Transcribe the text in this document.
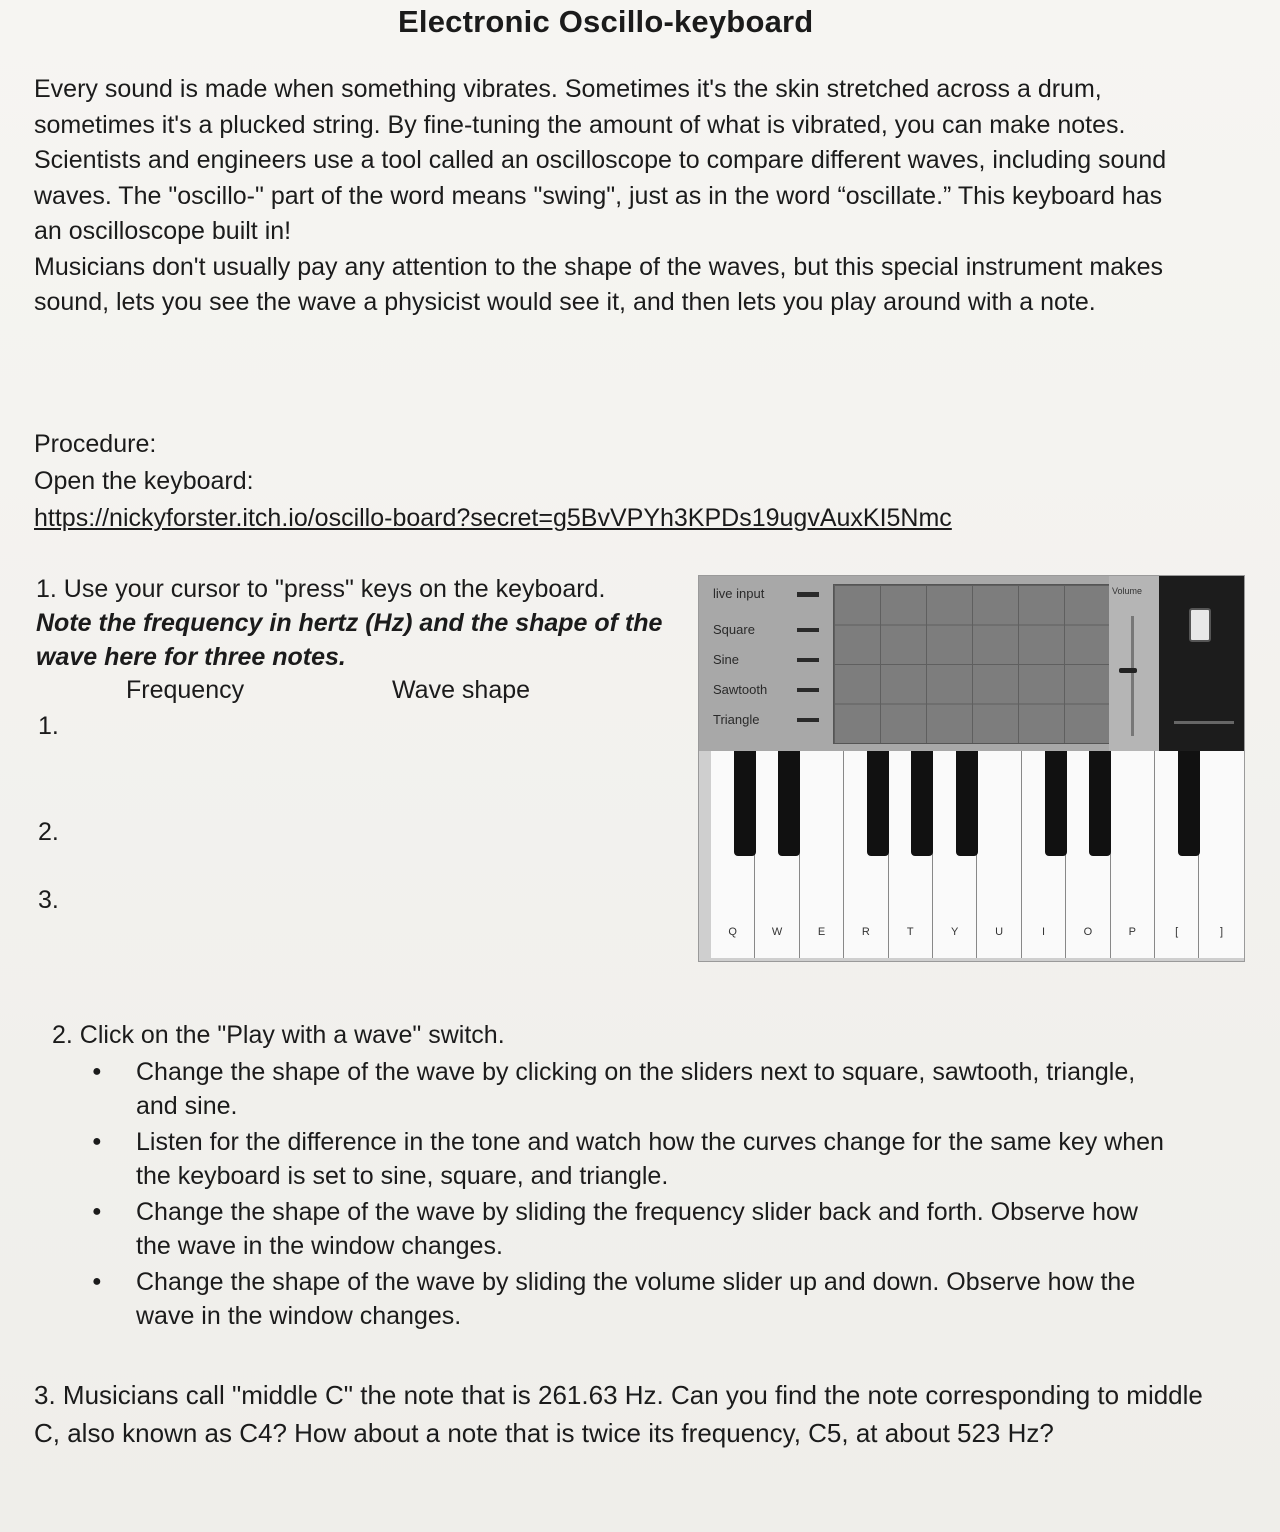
Electronic Oscillo-keyboard

Every sound is made when something vibrates. Sometimes it's the skin stretched across a drum, sometimes it's a plucked string. By fine-tuning the amount of what is vibrated, you can make notes.

Scientists and engineers use a tool called an oscilloscope to compare different waves, including sound waves. The "oscillo-" part of the word means "swing", just as in the word “oscillate.” This keyboard has an oscilloscope built in!

Musicians don't usually pay any attention to the shape of the waves, but this special instrument makes sound, lets you see the wave a physicist would see it, and then lets you play around with a note.

Procedure:

Open the keyboard:

https://nickyforster.itch.io/oscillo-board?secret=g5BvVPYh3KPDs19ugvAuxKI5Nmc

1. Use your cursor to "press" keys on the keyboard.

Note the frequency in hertz (Hz) and the shape of the wave here for three notes.

Frequency	Wave shape
1.
2.
3.
live input
Square
Sine
Sawtooth
Triangle
Volume
Q	W	E	R	T	Y	U	I	O	P	[	]

2. Click on the "Play with a wave" switch.

● Change the shape of the wave by clicking on the sliders next to square, sawtooth, triangle, and sine.
● Listen for the difference in the tone and watch how the curves change for the same key when the keyboard is set to sine, square, and triangle.
● Change the shape of the wave by sliding the frequency slider back and forth. Observe how the wave in the window changes.
● Change the shape of the wave by sliding the volume slider up and down. Observe how the wave in the window changes.

3. Musicians call "middle C" the note that is 261.63 Hz. Can you find the note corresponding to middle C, also known as C4? How about a note that is twice its frequency, C5, at about 523 Hz?
